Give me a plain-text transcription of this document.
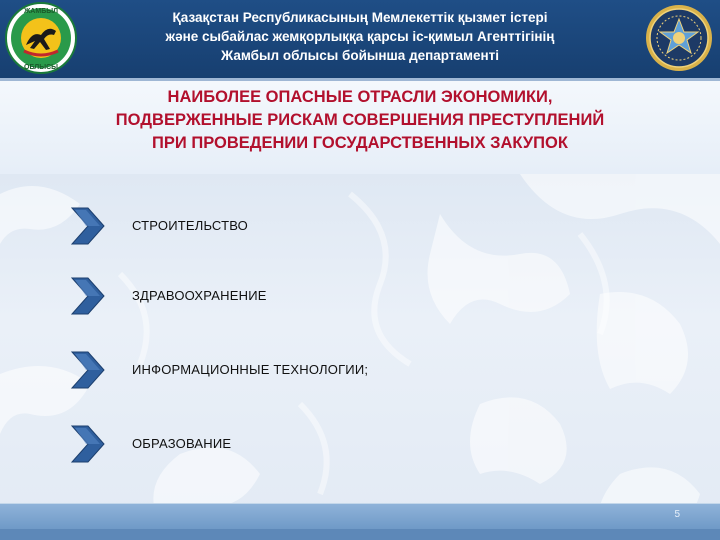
ЖАМБЫЛ
ОБЛЫСЫ
Қазақстан Республикасының Мемлекеттік қызмет істері
және сыбайлас жемқорлыққа қарсы іс-қимыл Агенттігінің
Жамбыл облысы бойынша департаменті
НАИБОЛЕЕ ОПАСНЫЕ ОТРАСЛИ ЭКОНОМИКИ,
ПОДВЕРЖЕННЫЕ РИСКАМ СОВЕРШЕНИЯ ПРЕСТУПЛЕНИЙ
ПРИ ПРОВЕДЕНИИ ГОСУДАРСТВЕННЫХ ЗАКУПОК
СТРОИТЕЛЬСТВО
ЗДРАВООХРАНЕНИЕ
ИНФОРМАЦИОННЫЕ ТЕХНОЛОГИИ;
ОБРАЗОВАНИЕ
5
